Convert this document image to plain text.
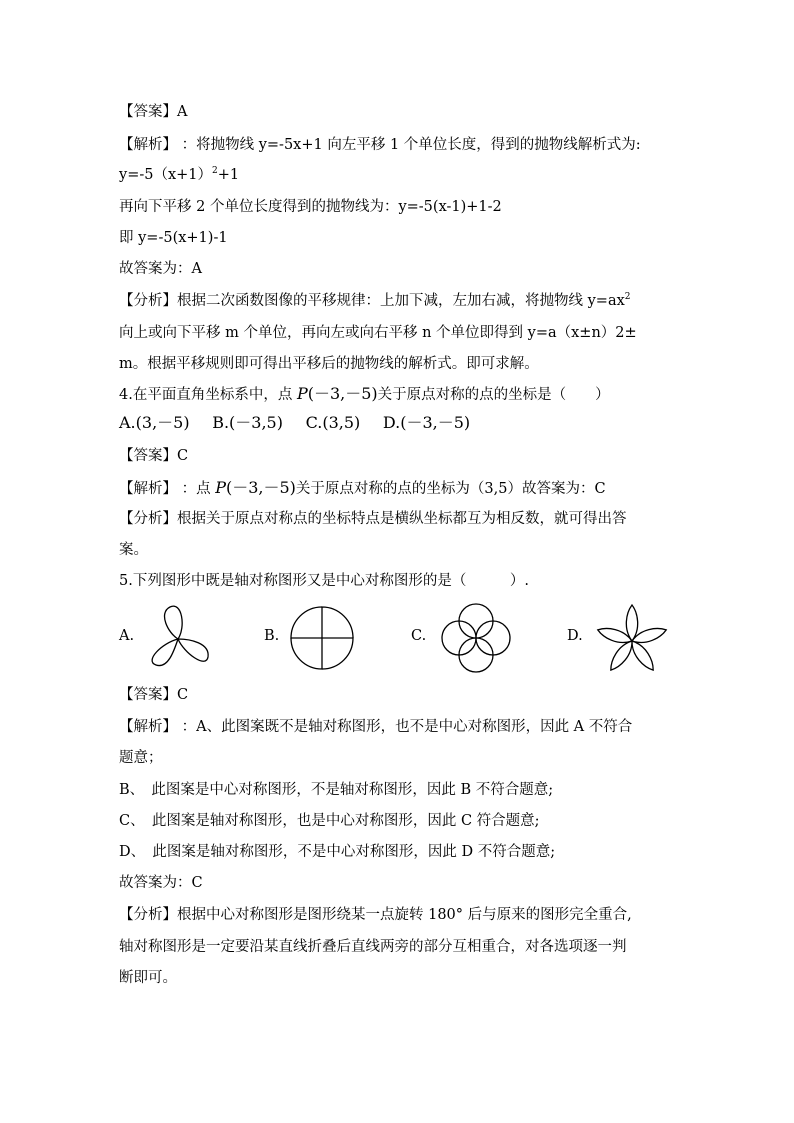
【答案】A
【解析】 ：将抛物线 y=-5x+1 向左平移 1 个单位长度，得到的抛物线解析式为:
$y=-5(x+1)^2+1$
再向下平移 2 个单位长度得到的抛物线为：y=-5(x-1)+1-2
即 y=-5(x+1)-1
故答案为：A
【分析】根据二次函数图像的平移规律：上加下减，左加右减，将抛物线 $y=ax^2$
向上或向下平移 m 个单位，再向左或向右平移 n 个单位即得到 y=a（x±n）2±
m。根据平移规则即可得出平移后的抛物线的解析式。即可求解。
4.在平面直角坐标系中，点 P(－3,－5)关于原点对称的点的坐标是（　　）
A.(3,－5) B.(－3,5) C.(3,5) D.(－3,－5)
【答案】C
【解析】 ：点 P(－3,－5)关于原点对称的点的坐标为（3,5）故答案为：C
【分析】根据关于原点对称点的坐标特点是横纵坐标都互为相反数，就可得出答
案。
5.下列图形中既是轴对称图形又是中心对称图形的是（　　　）.
A.	B.	C.	D.
【答案】C
【解析】 ：A、此图案既不是轴对称图形，也不是中心对称图形，因此 A 不符合
题意；
B、　此图案是中心对称图形，不是轴对称图形，因此 B 不符合题意;
C、　此图案是轴对称图形，也是中心对称图形，因此 C 符合题意;
D、　此图案是轴对称图形，不是中心对称图形，因此 D 不符合题意;
故答案为：C
【分析】根据中心对称图形是图形绕某一点旋转 180° 后与原来的图形完全重合,
轴对称图形是一定要沿某直线折叠后直线两旁的部分互相重合，对各选项逐一判
断即可。
